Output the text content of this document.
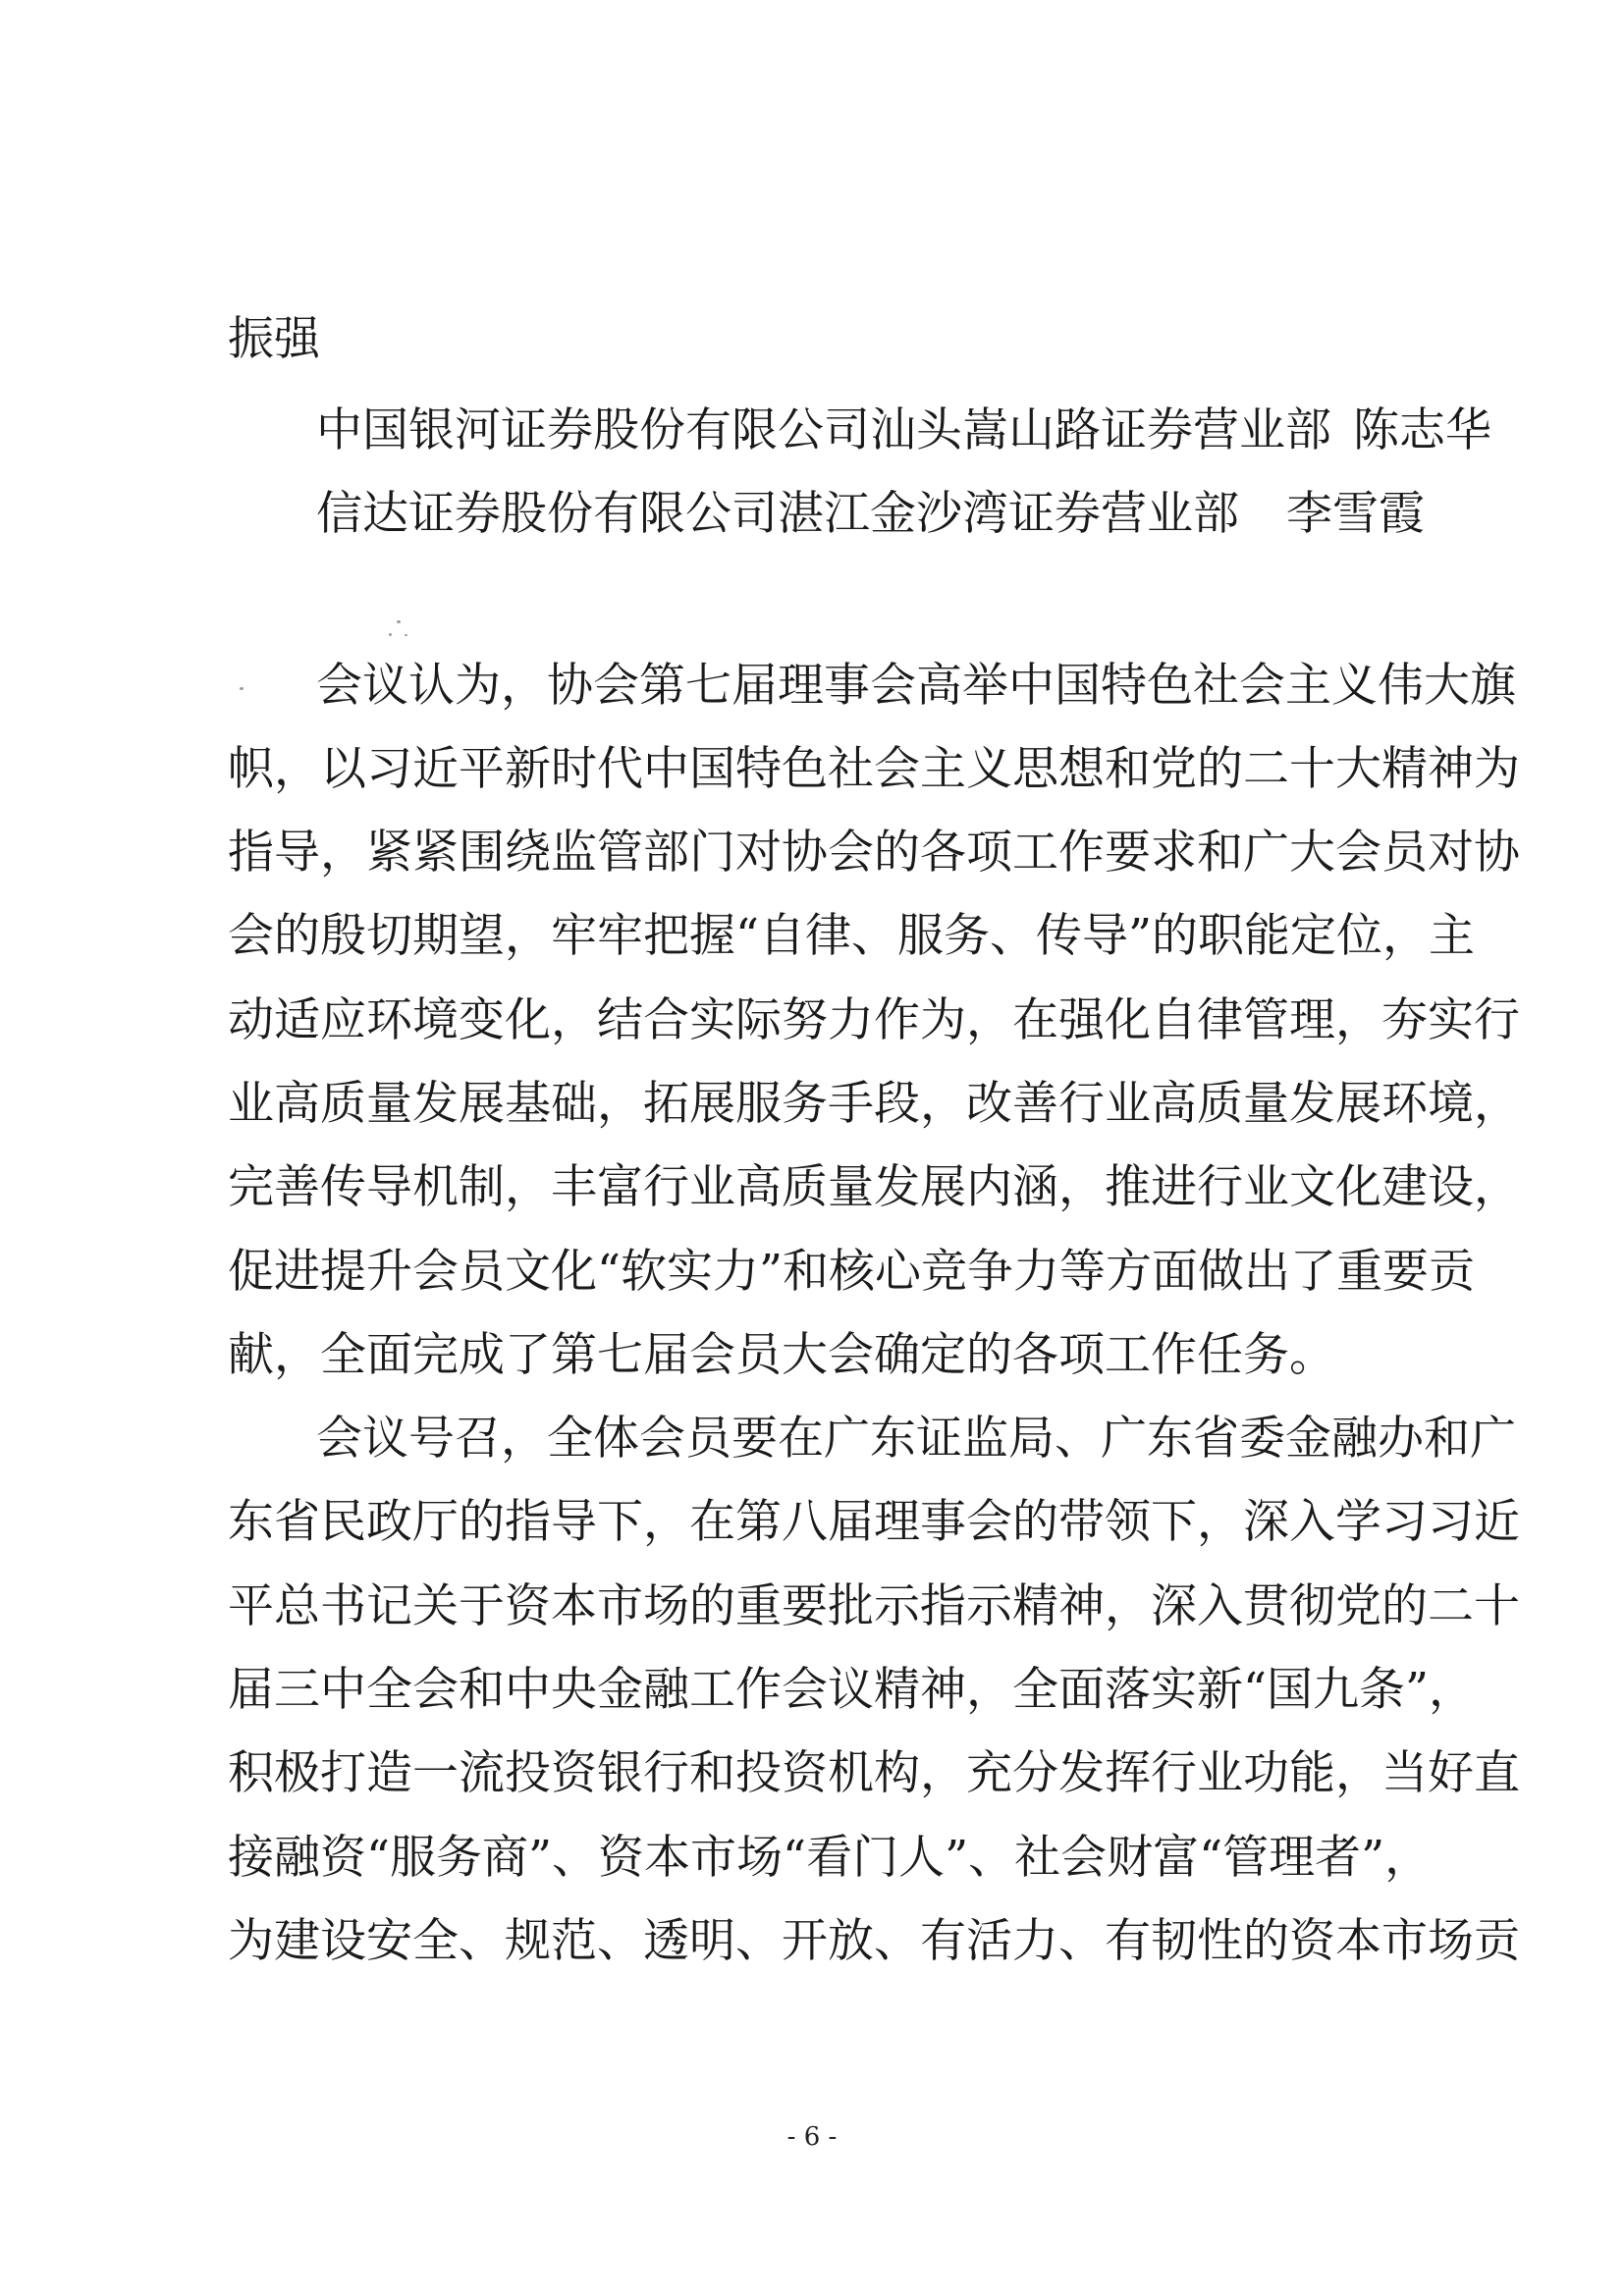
振强
中国银河证券股份有限公司汕头嵩山路证券营业部 陈志华
信达证券股份有限公司湛江金沙湾证券营业部 李雪霞
会议认为，协会第七届理事会高举中国特色社会主义伟大旗
帜，以习近平新时代中国特色社会主义思想和党的二十大精神为
指导，紧紧围绕监管部门对协会的各项工作要求和广大会员对协
会的殷切期望，牢牢把握“自律、服务、传导”的职能定位，主
动适应环境变化，结合实际努力作为，在强化自律管理，夯实行
业高质量发展基础，拓展服务手段，改善行业高质量发展环境，
完善传导机制，丰富行业高质量发展内涵，推进行业文化建设，
促进提升会员文化“软实力”和核心竞争力等方面做出了重要贡
献，全面完成了第七届会员大会确定的各项工作任务。
会议号召，全体会员要在广东证监局、广东省委金融办和广
东省民政厅的指导下，在第八届理事会的带领下，深入学习习近
平总书记关于资本市场的重要批示指示精神，深入贯彻党的二十
届三中全会和中央金融工作会议精神，全面落实新“国九条”，
积极打造一流投资银行和投资机构，充分发挥行业功能，当好直
接融资“服务商”、资本市场“看门人”、社会财富“管理者”，
为建设安全、规范、透明、开放、有活力、有韧性的资本市场贡
- 6 -
